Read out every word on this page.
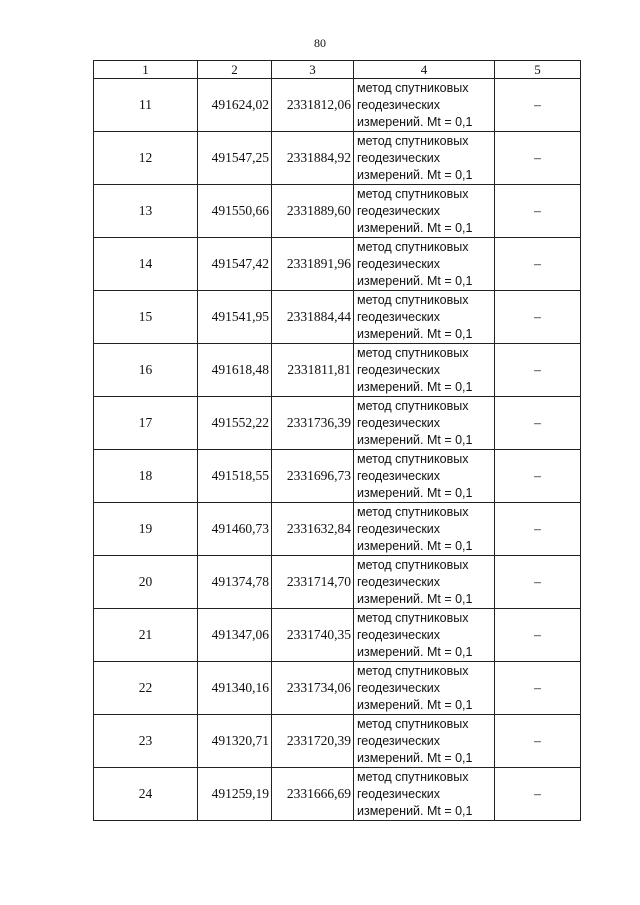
80
1	2	3	4	5
11	491624,02	2331812,06	метод спутниковых
геодезических
измерений. Mt = 0,1	–
12	491547,25	2331884,92	метод спутниковых
геодезических
измерений. Mt = 0,1	–
13	491550,66	2331889,60	метод спутниковых
геодезических
измерений. Mt = 0,1	–
14	491547,42	2331891,96	метод спутниковых
геодезических
измерений. Mt = 0,1	–
15	491541,95	2331884,44	метод спутниковых
геодезических
измерений. Mt = 0,1	–
16	491618,48	2331811,81	метод спутниковых
геодезических
измерений. Mt = 0,1	–
17	491552,22	2331736,39	метод спутниковых
геодезических
измерений. Mt = 0,1	–
18	491518,55	2331696,73	метод спутниковых
геодезических
измерений. Mt = 0,1	–
19	491460,73	2331632,84	метод спутниковых
геодезических
измерений. Mt = 0,1	–
20	491374,78	2331714,70	метод спутниковых
геодезических
измерений. Mt = 0,1	–
21	491347,06	2331740,35	метод спутниковых
геодезических
измерений. Mt = 0,1	–
22	491340,16	2331734,06	метод спутниковых
геодезических
измерений. Mt = 0,1	–
23	491320,71	2331720,39	метод спутниковых
геодезических
измерений. Mt = 0,1	–
24	491259,19	2331666,69	метод спутниковых
геодезических
измерений. Mt = 0,1	–
